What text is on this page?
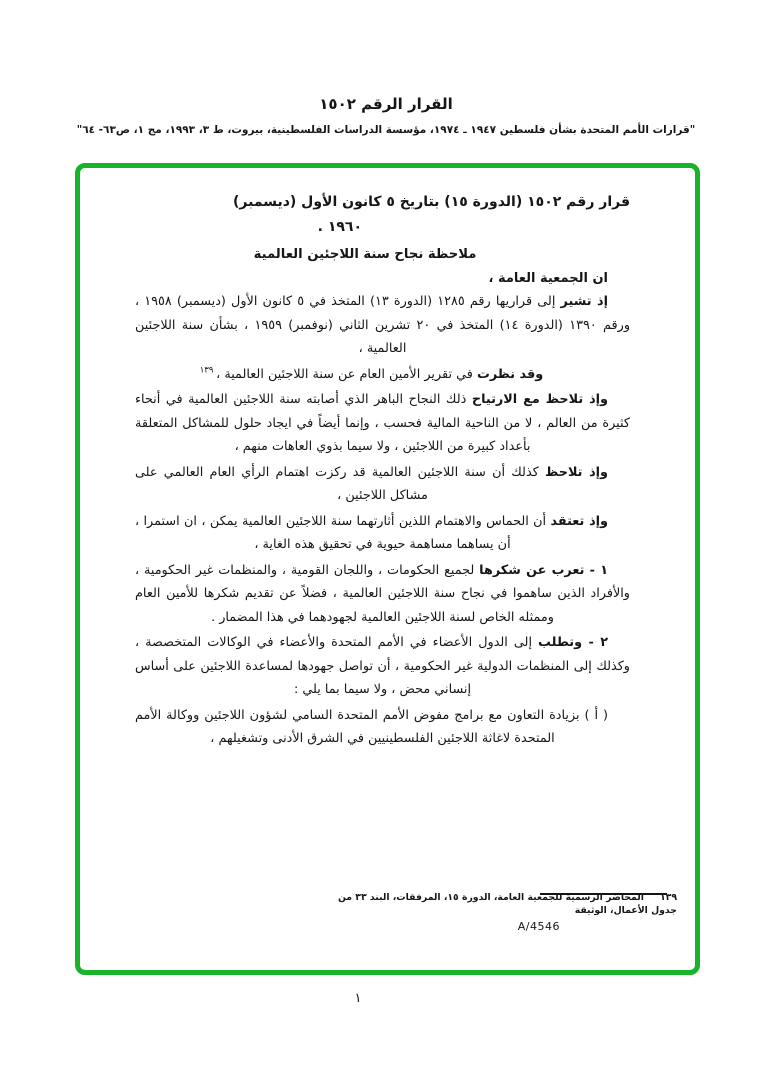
القرار الرقم ١٥٠٢
"قرارات الأمم المتحدة بشأن فلسطين ١٩٤٧ ـ ١٩٧٤، مؤسسة الدراسات الفلسطينية، بيروت، ط ٣، ١٩٩٣، مج ١، ص٦٣- ٦٤"
قرار رقم ١٥٠٢ (الدورة ١٥) بتاريخ ٥ كانون الأول (ديسمبر)
١٩٦٠ .
ملاحظة نجاح سنة اللاجئين العالمية
ان الجمعية العامة ،

إذ تشير إلى قراريها رقم ١٢٨٥ (الدورة ١٣) المتخذ في ٥ كانون الأول (ديسمبر) ١٩٥٨ ، ورقم ١٣٩٠ (الدورة ١٤) المتخذ في ٢٠ تشرين الثاني (نوفمبر) ١٩٥٩ ، بشأن سنة اللاجئين العالمية ،

وقد نظرت في تقرير الأمين العام عن سنة اللاجئين العالمية ، $^{١٣٩}$

وإذ تلاحظ مع الارتياح ذلك النجاح الباهر الذي أصابته سنة اللاجئين العالمية في أنحاء كثيرة من العالم ، لا من الناحية المالية فحسب ، وإنما أيضاً في ايجاد حلول للمشاكل المتعلقة بأعداد كبيرة من اللاجئين ، ولا سيما بذوي العاهات منهم ،

وإذ تلاحظ كذلك أن سنة اللاجئين العالمية قد ركزت اهتمام الرأي العام العالمي على مشاكل اللاجئين ،

وإذ تعتقد أن الحماس والاهتمام اللذين أثارتهما سنة اللاجئين العالمية يمكن ، ان استمرا ، أن يساهما مساهمة حيوية في تحقيق هذه الغاية ،

١ - تعرب عن شكرها لجميع الحكومات ، واللجان القومية ، والمنظمات غير الحكومية ، والأفراد الذين ساهموا في نجاح سنة اللاجئين العالمية ، فضلاً عن تقديم شكرها للأمين العام وممثله الخاص لسنة اللاجئين العالمية لجهودهما في هذا المضمار .

٢ - وتطلب إلى الدول الأعضاء في الأمم المتحدة والأعضاء في الوكالات المتخصصة ، وكذلك إلى المنظمات الدولية غير الحكومية ، أن تواصل جهودها لمساعدة اللاجئين على أساس إنساني محض ، ولا سيما بما يلي :

( أ ) بزيادة التعاون مع برامج مفوض الأمم المتحدة السامي لشؤون اللاجئين ووكالة الأمم المتحدة لاغاثة اللاجئين الفلسطينيين في الشرق الأدنى وتشغيلهم ،

١٣٩المحاضر الرسمية للجمعية العامة، الدورة ١٥، المرفقات، البند ٣٣ من جدول الأعمال، الوثيقة
A/4546
١
